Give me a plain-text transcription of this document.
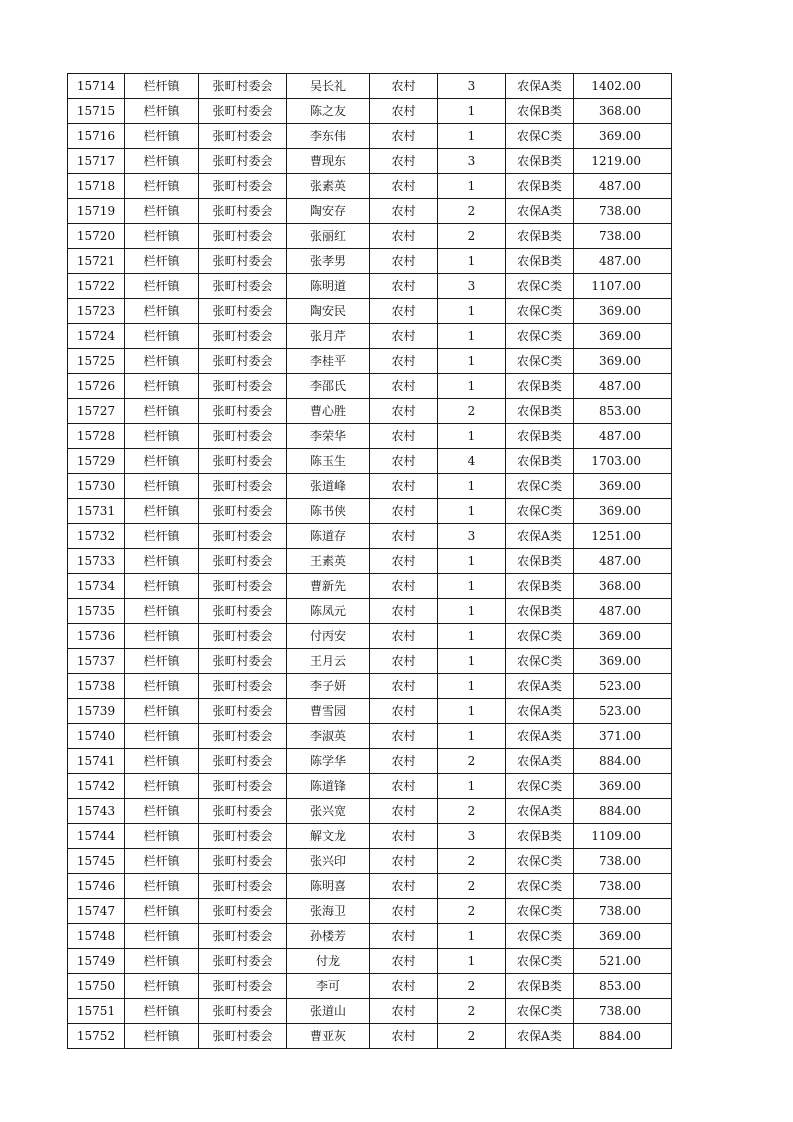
15714	栏杆镇	张町村委会	吴长礼	农村	3	农保A类	1402.00
15715	栏杆镇	张町村委会	陈之友	农村	1	农保B类	368.00
15716	栏杆镇	张町村委会	李东伟	农村	1	农保C类	369.00
15717	栏杆镇	张町村委会	曹现东	农村	3	农保B类	1219.00
15718	栏杆镇	张町村委会	张素英	农村	1	农保B类	487.00
15719	栏杆镇	张町村委会	陶安存	农村	2	农保A类	738.00
15720	栏杆镇	张町村委会	张丽红	农村	2	农保B类	738.00
15721	栏杆镇	张町村委会	张孝男	农村	1	农保B类	487.00
15722	栏杆镇	张町村委会	陈明道	农村	3	农保C类	1107.00
15723	栏杆镇	张町村委会	陶安民	农村	1	农保C类	369.00
15724	栏杆镇	张町村委会	张月芹	农村	1	农保C类	369.00
15725	栏杆镇	张町村委会	李桂平	农村	1	农保C类	369.00
15726	栏杆镇	张町村委会	李邵氏	农村	1	农保B类	487.00
15727	栏杆镇	张町村委会	曹心胜	农村	2	农保B类	853.00
15728	栏杆镇	张町村委会	李荣华	农村	1	农保B类	487.00
15729	栏杆镇	张町村委会	陈玉生	农村	4	农保B类	1703.00
15730	栏杆镇	张町村委会	张道峰	农村	1	农保C类	369.00
15731	栏杆镇	张町村委会	陈书侠	农村	1	农保C类	369.00
15732	栏杆镇	张町村委会	陈道存	农村	3	农保A类	1251.00
15733	栏杆镇	张町村委会	王素英	农村	1	农保B类	487.00
15734	栏杆镇	张町村委会	曹新先	农村	1	农保B类	368.00
15735	栏杆镇	张町村委会	陈凤元	农村	1	农保B类	487.00
15736	栏杆镇	张町村委会	付丙安	农村	1	农保C类	369.00
15737	栏杆镇	张町村委会	王月云	农村	1	农保C类	369.00
15738	栏杆镇	张町村委会	李子妍	农村	1	农保A类	523.00
15739	栏杆镇	张町村委会	曹雪园	农村	1	农保A类	523.00
15740	栏杆镇	张町村委会	李淑英	农村	1	农保A类	371.00
15741	栏杆镇	张町村委会	陈学华	农村	2	农保A类	884.00
15742	栏杆镇	张町村委会	陈道锋	农村	1	农保C类	369.00
15743	栏杆镇	张町村委会	张兴宽	农村	2	农保A类	884.00
15744	栏杆镇	张町村委会	解文龙	农村	3	农保B类	1109.00
15745	栏杆镇	张町村委会	张兴印	农村	2	农保C类	738.00
15746	栏杆镇	张町村委会	陈明喜	农村	2	农保C类	738.00
15747	栏杆镇	张町村委会	张海卫	农村	2	农保C类	738.00
15748	栏杆镇	张町村委会	孙楼芳	农村	1	农保C类	369.00
15749	栏杆镇	张町村委会	付龙	农村	1	农保C类	521.00
15750	栏杆镇	张町村委会	李可	农村	2	农保B类	853.00
15751	栏杆镇	张町村委会	张道山	农村	2	农保C类	738.00
15752	栏杆镇	张町村委会	曹亚灰	农村	2	农保A类	884.00
